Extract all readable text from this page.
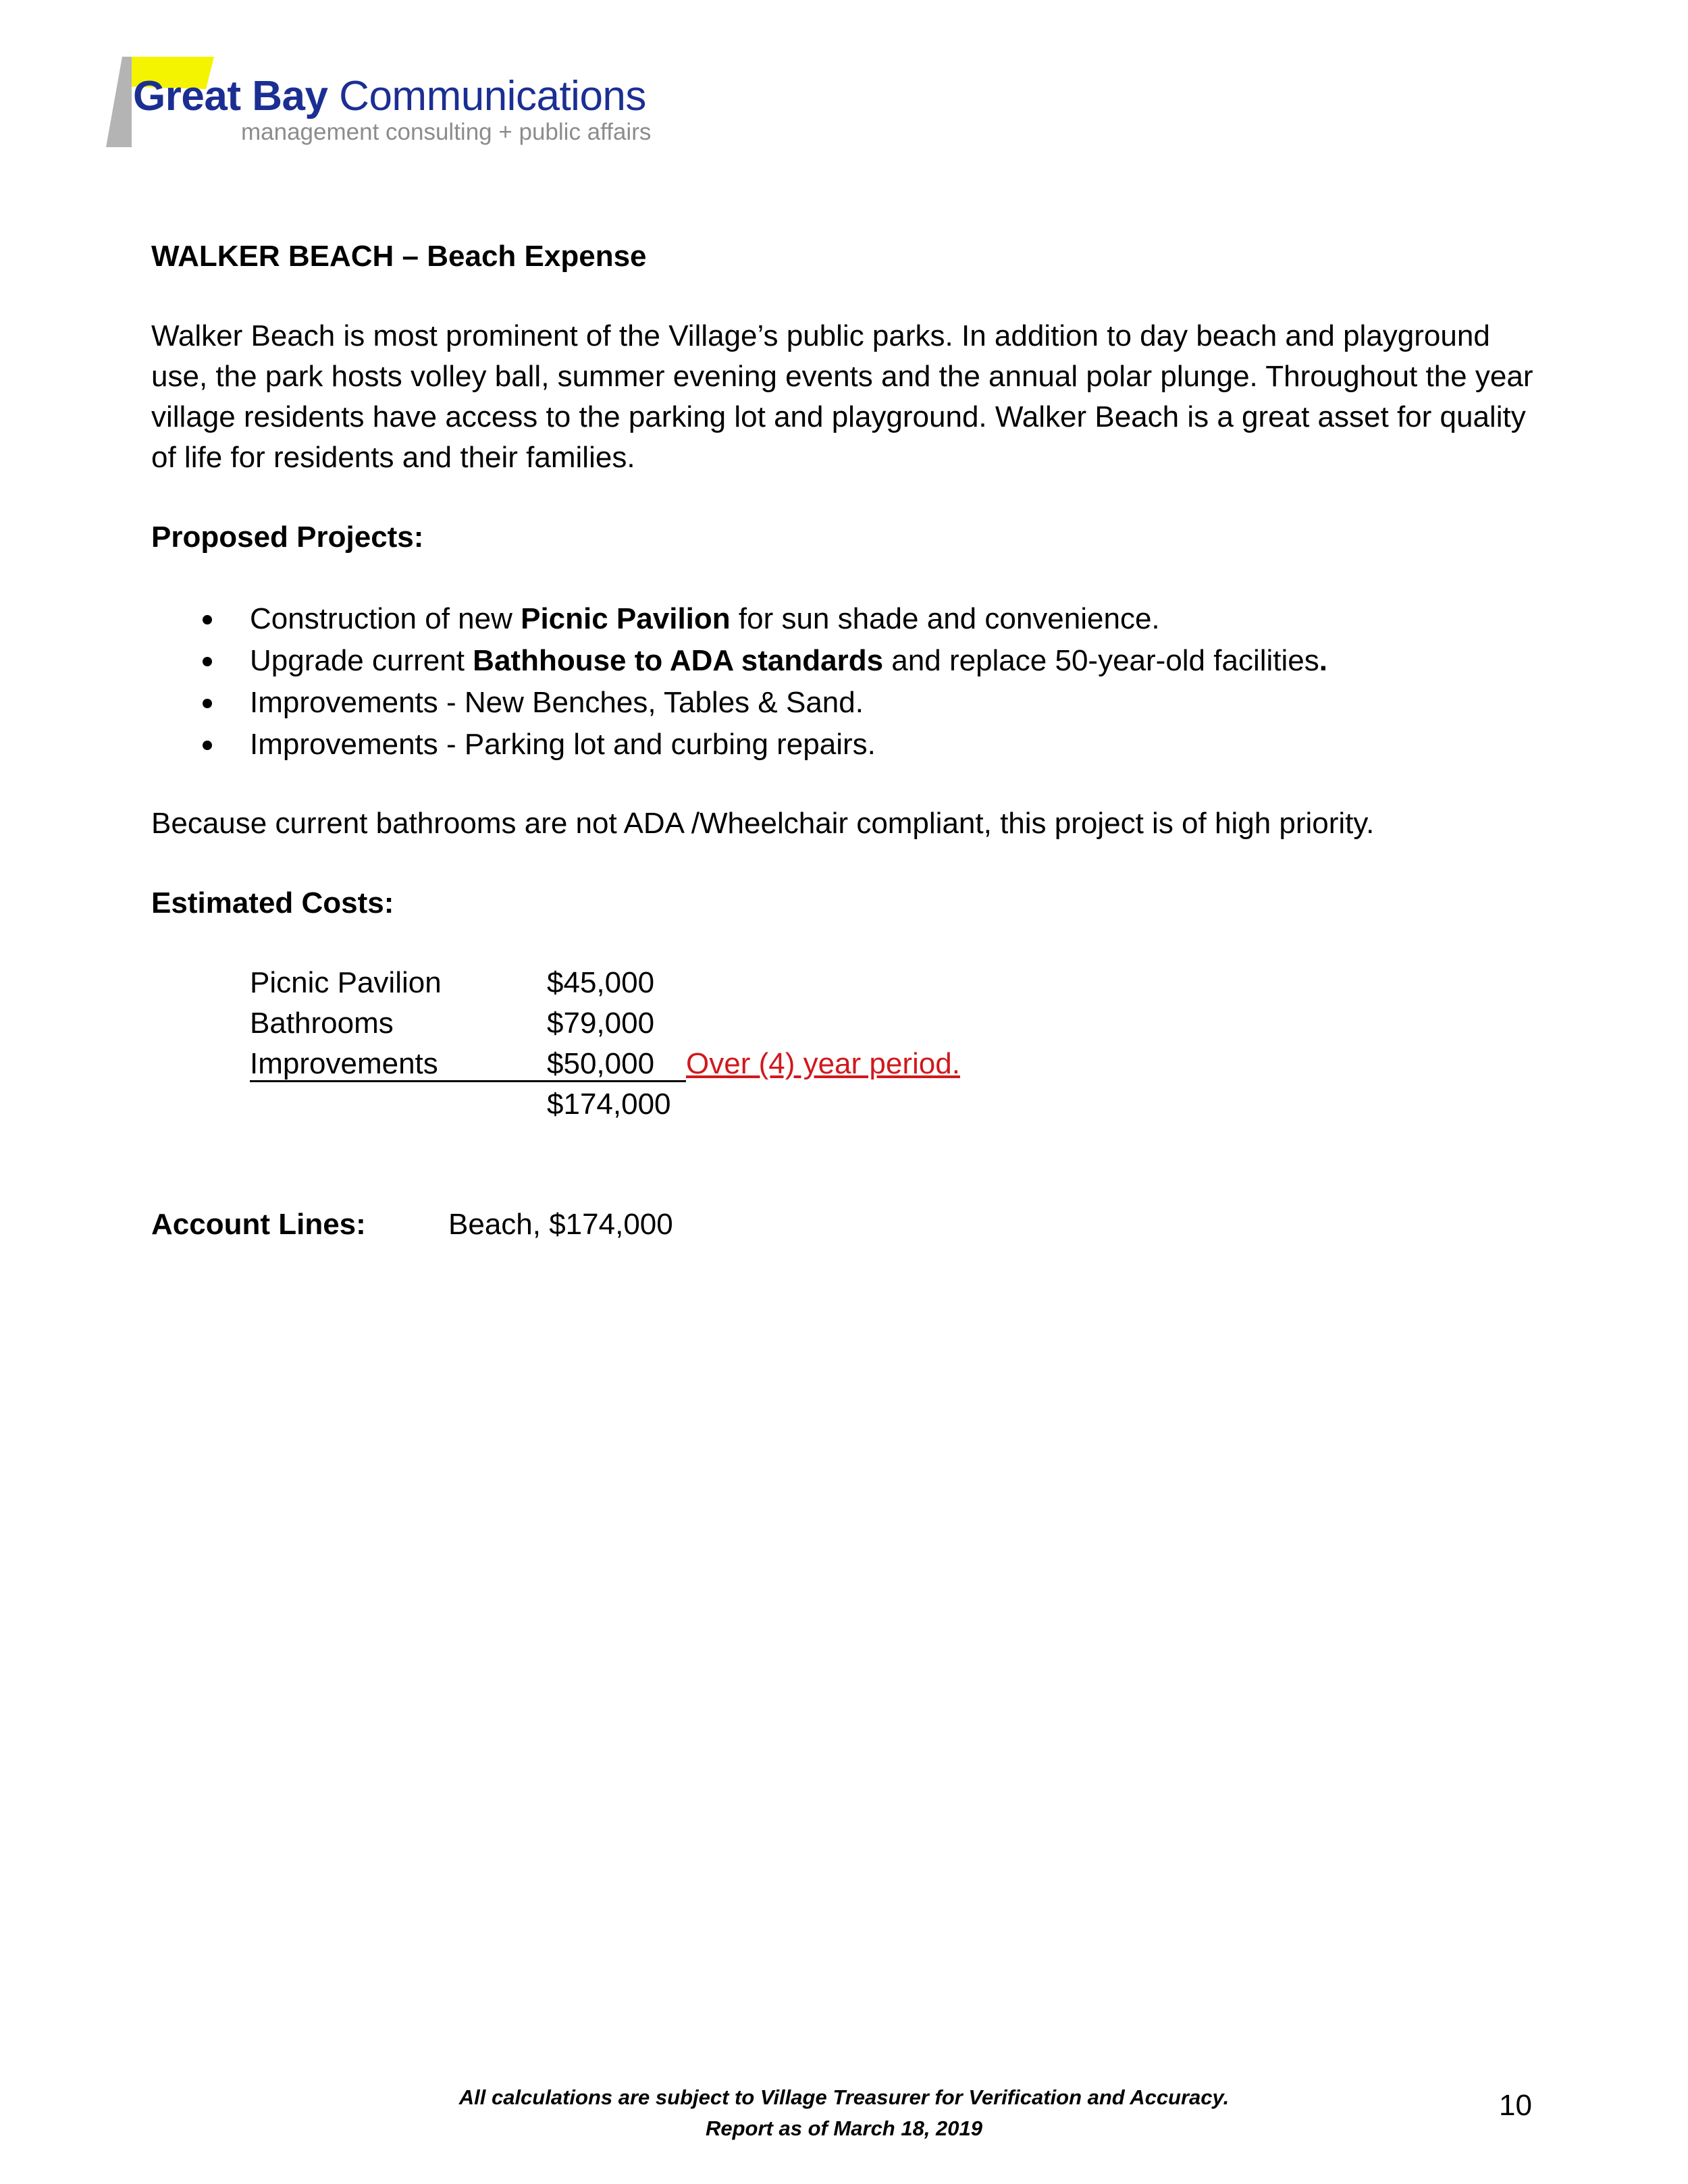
Great Bay Communications
management consulting + public affairs

WALKER BEACH – Beach Expense

Walker Beach is most prominent of the Village’s public parks. In addition to day beach and playground use, the park hosts volley ball, summer evening events and the annual polar plunge. Throughout the year village residents have access to the parking lot and playground. Walker Beach is a great asset for quality of life for residents and their families.

Proposed Projects:

Construction of new Picnic Pavilion for sun shade and convenience.
Upgrade current Bathhouse to ADA standards and replace 50-year-old facilities.
Improvements - New Benches, Tables & Sand.
Improvements - Parking lot and curbing repairs.

Because current bathrooms are not ADA /Wheelchair compliant, this project is of high priority.

Estimated Costs:

Picnic Pavilion	$45,000
Bathrooms	$79,000
Improvements	$50,000 Over (4) year period.
$174,000
Account Lines:	Beach, $174,000
All calculations are subject to Village Treasurer for Verification and Accuracy.
Report as of March 18, 2019
10
